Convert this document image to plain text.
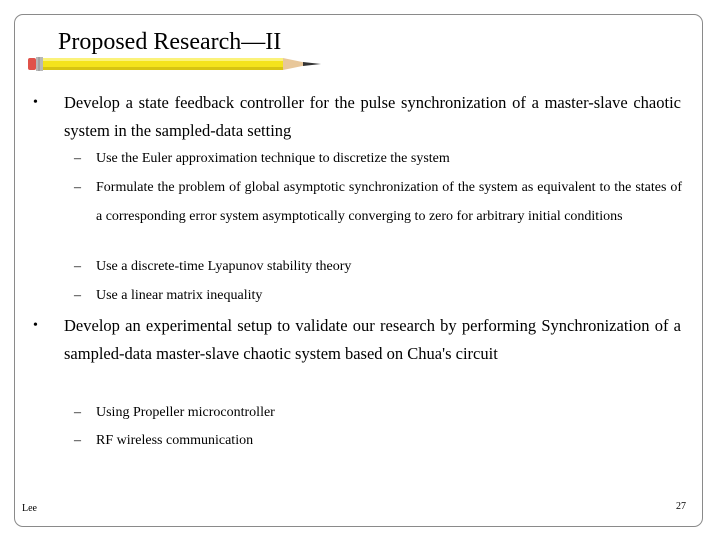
Proposed Research—II
• Develop a state feedback controller for the pulse synchronization of a master-slave chaotic system in the sampled-data setting
– Use the Euler approximation technique to discretize the system
– Formulate the problem of global asymptotic synchronization of the system as equivalent to the states of a corresponding error system asymptotically converging to zero for arbitrary initial conditions
– Use a discrete-time Lyapunov stability theory
– Use a linear matrix inequality
• Develop an experimental setup to validate our research by performing Synchronization of a sampled-data master-slave chaotic system based on Chua's circuit
– Using Propeller microcontroller
– RF wireless communication
Lee	27
